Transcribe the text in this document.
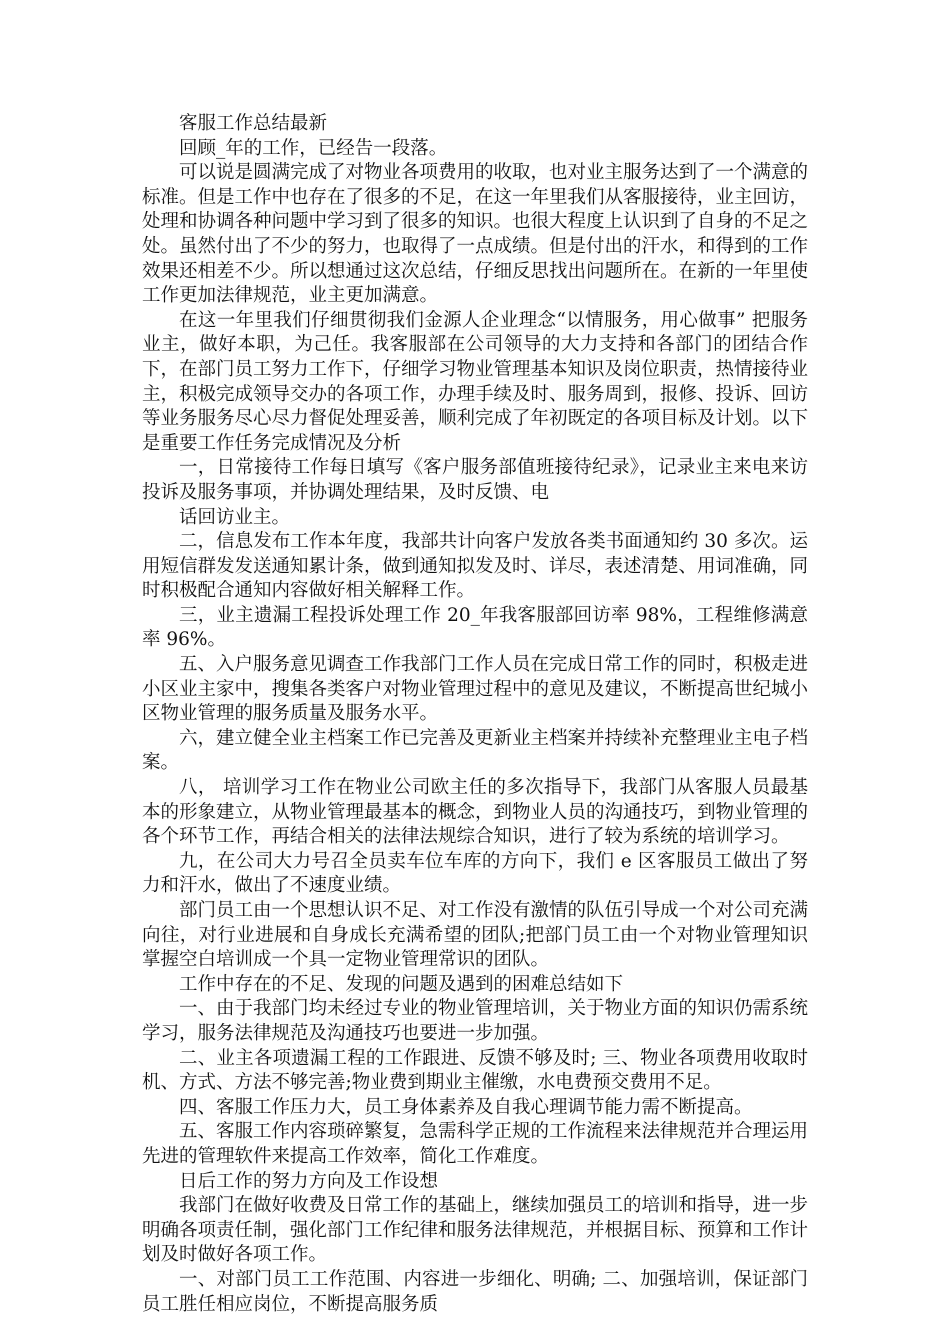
客服工作总结最新

回顾_年的工作，已经告一段落。

可以说是圆满完成了对物业各项费用的收取，也对业主服务达到了一个满意的标准。但是工作中也存在了很多的不足，在这一年里我们从客服接待，业主回访，处理和协调各种问题中学习到了很多的知识。也很大程度上认识到了自身的不足之处。虽然付出了不少的努力，也取得了一点成绩。但是付出的汗水，和得到的工作效果还相差不少。所以想通过这次总结，仔细反思找出问题所在。在新的一年里使工作更加法律规范，业主更加满意。

在这一年里我们仔细贯彻我们金源人企业理念“以情服务，用心做事” 把服务业主，做好本职，为己任。我客服部在公司领导的大力支持和各部门的团结合作下，在部门员工努力工作下，仔细学习物业管理基本知识及岗位职责，热情接待业主，积极完成领导交办的各项工作，办理手续及时、服务周到，报修、投诉、回访等业务服务尽心尽力督促处理妥善，顺利完成了年初既定的各项目标及计划。以下是重要工作任务完成情况及分析

一，日常接待工作每日填写《客户服务部值班接待纪录》，记录业主来电来访投诉及服务事项，并协调处理结果，及时反馈、电

话回访业主。

二，信息发布工作本年度，我部共计向客户发放各类书面通知约 30 多次。运用短信群发发送通知累计条，做到通知拟发及时、详尽，表述清楚、用词准确，同时积极配合通知内容做好相关解释工作。

三，业主遗漏工程投诉处理工作 20_年我客服部回访率 98%，工程维修满意率 96%。

五、入户服务意见调查工作我部门工作人员在完成日常工作的同时，积极走进小区业主家中，搜集各类客户对物业管理过程中的意见及建议，不断提高世纪城小区物业管理的服务质量及服务水平。

六，建立健全业主档案工作已完善及更新业主档案并持续补充整理业主电子档案。

八， 培训学习工作在物业公司欧主任的多次指导下，我部门从客服人员最基本的形象建立，从物业管理最基本的概念，到物业人员的沟通技巧，到物业管理的各个环节工作，再结合相关的法律法规综合知识，进行了较为系统的培训学习。

九，在公司大力号召全员卖车位车库的方向下，我们 e 区客服员工做出了努力和汗水，做出了不速度业绩。

部门员工由一个思想认识不足、对工作没有激情的队伍引导成一个对公司充满向往，对行业进展和自身成长充满希望的团队;把部门员工由一个对物业管理知识掌握空白培训成一个具一定物业管理常识的团队。

工作中存在的不足、发现的问题及遇到的困难总结如下

一、由于我部门均未经过专业的物业管理培训，关于物业方面的知识仍需系统学习，服务法律规范及沟通技巧也要进一步加强。

二、业主各项遗漏工程的工作跟进、反馈不够及时; 三、物业各项费用收取时机、方式、方法不够完善;物业费到期业主催缴，水电费预交费用不足。

四、客服工作压力大，员工身体素养及自我心理调节能力需不断提高。

五、客服工作内容琐碎繁复，急需科学正规的工作流程来法律规范并合理运用先进的管理软件来提高工作效率，简化工作难度。

日后工作的努力方向及工作设想

我部门在做好收费及日常工作的基础上，继续加强员工的培训和指导，进一步明确各项责任制，强化部门工作纪律和服务法律规范，并根据目标、预算和工作计划及时做好各项工作。

一、对部门员工工作范围、内容进一步细化、明确; 二、加强培训，保证部门员工胜任相应岗位，不断提高服务质
